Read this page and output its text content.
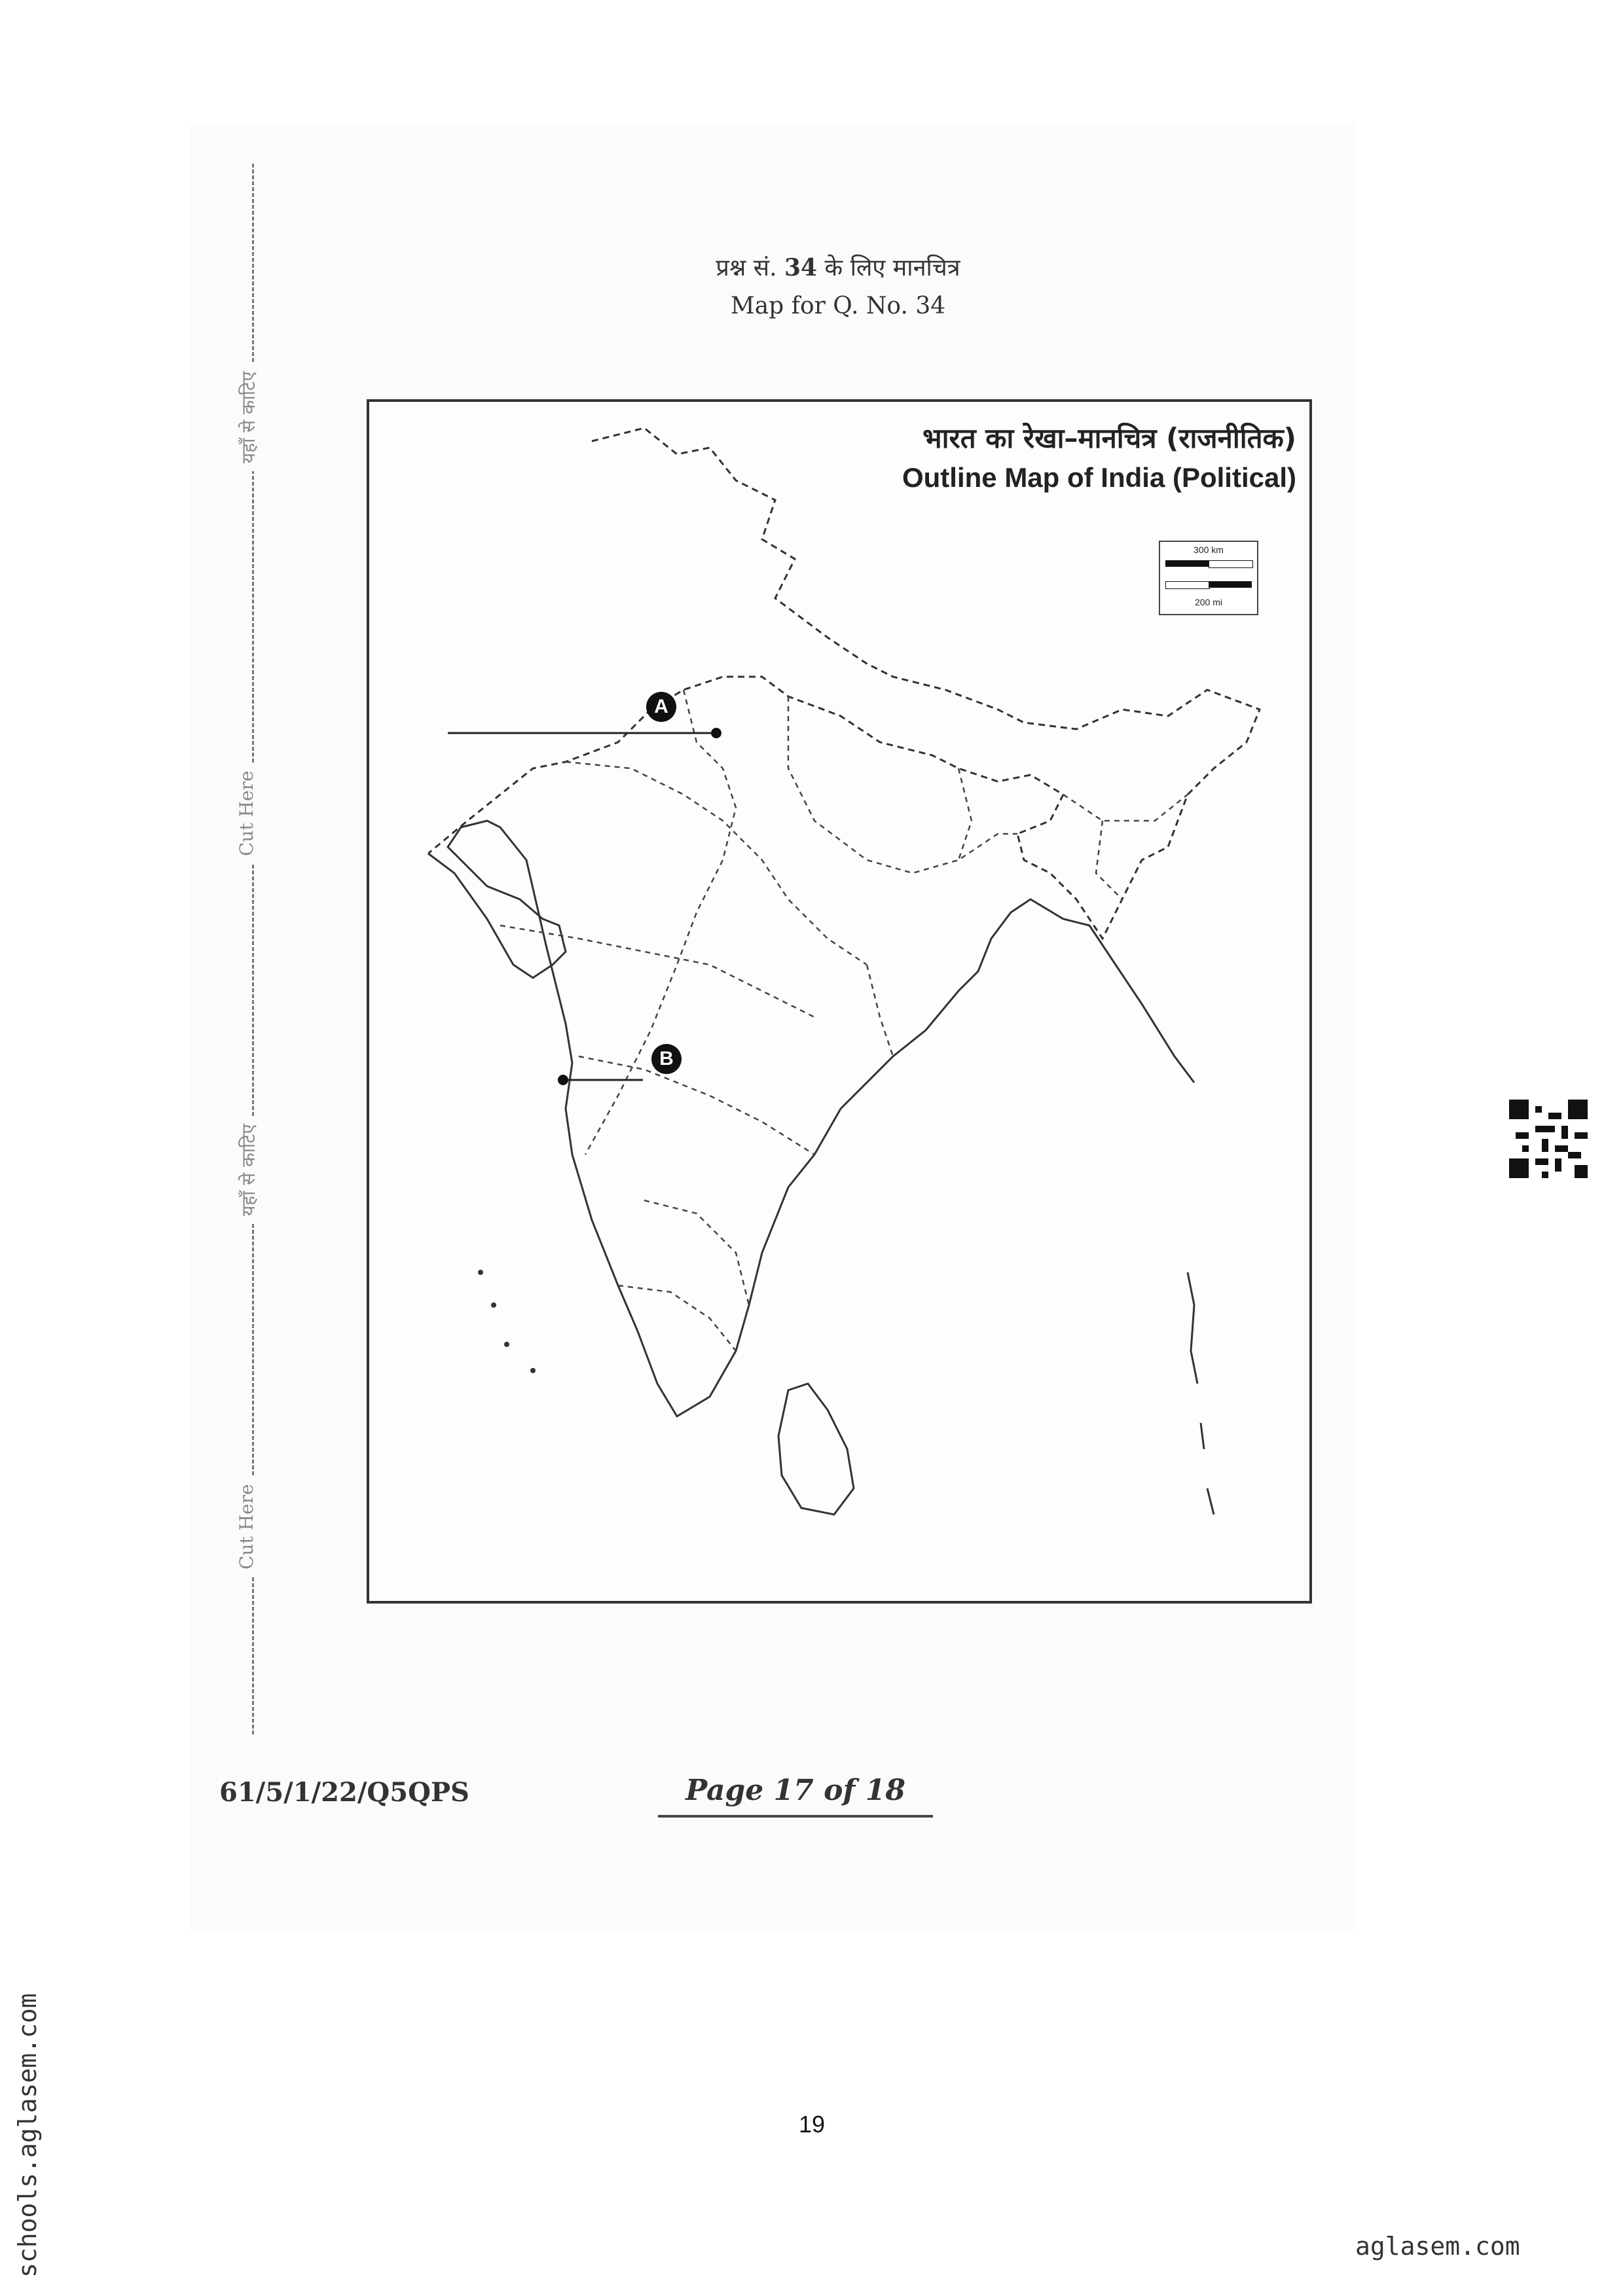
यहाँ से काटिए
Cut Here
यहाँ से काटिए
Cut Here
प्रश्न सं. 34 के लिए मानचित्र
Map for Q. No. 34
भारत का रेखा–मानचित्र (राजनीतिक)
Outline Map of India (Political)
300 km
200 mi
A
B
61/5/1/22/Q5QPS	Page 17 of 18
19
schools.aglasem.com	aglasem.com
